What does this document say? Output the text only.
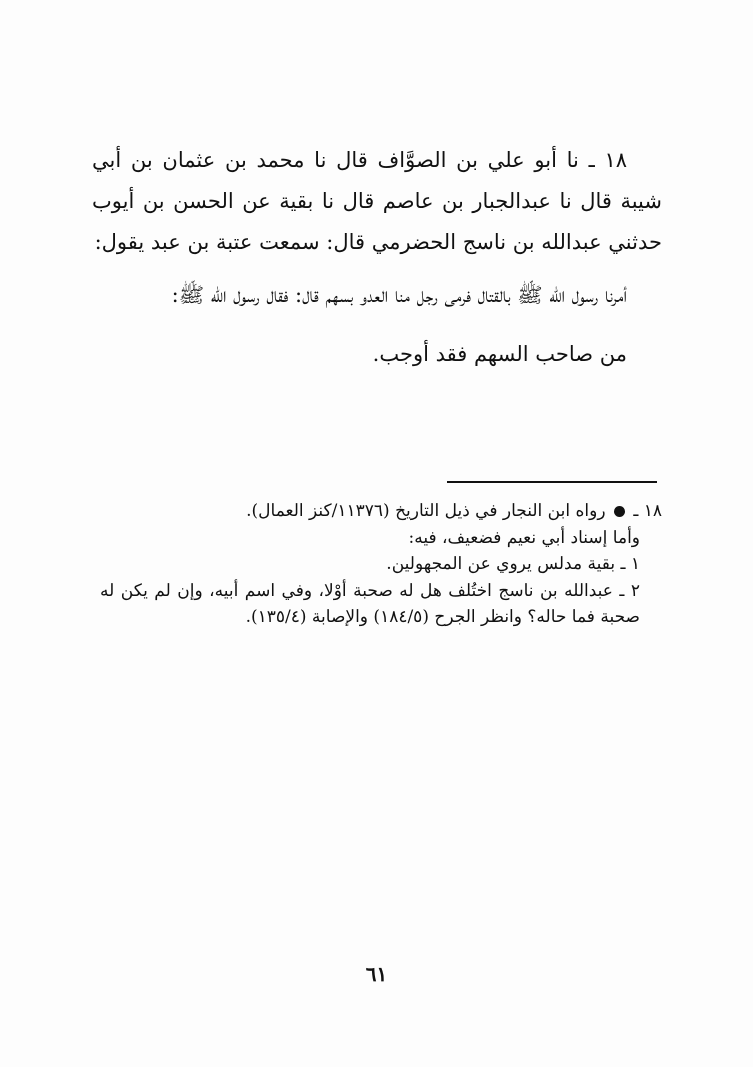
١٨ ـ نا أبو علي بن الصوَّاف قال نا محمد بن عثمان بن أبي شيبة قال نا عبدالجبار بن عاصم قال نا بقية عن الحسن بن أيوب حدثني عبدالله بن ناسج الحضرمي قال: سمعت عتبة بن عبد يقول:

أمرنا رسول الله ﷺ بالقتال فرمى رجل منا العدو بسهم قال: فقال رسول الله ﷺ:

من صاحب السهم فقد أوجب.

١٨ ـ  رواه ابن النجار في ذيل التاريخ (١١٣٧٦/كنز العمال).

وأما إسناد أبي نعيم فضعيف، فيه:

١ ـ بقية مدلس يروي عن المجهولين.

٢ ـ عبدالله بن ناسج اختُلف هل له صحبة أوْلا، وفي اسم أبيه، وإن لم يكن له صحبة فما حاله؟ وانظر الجرح (١٨٤/٥) والإصابة (١٣٥/٤).

٦١
